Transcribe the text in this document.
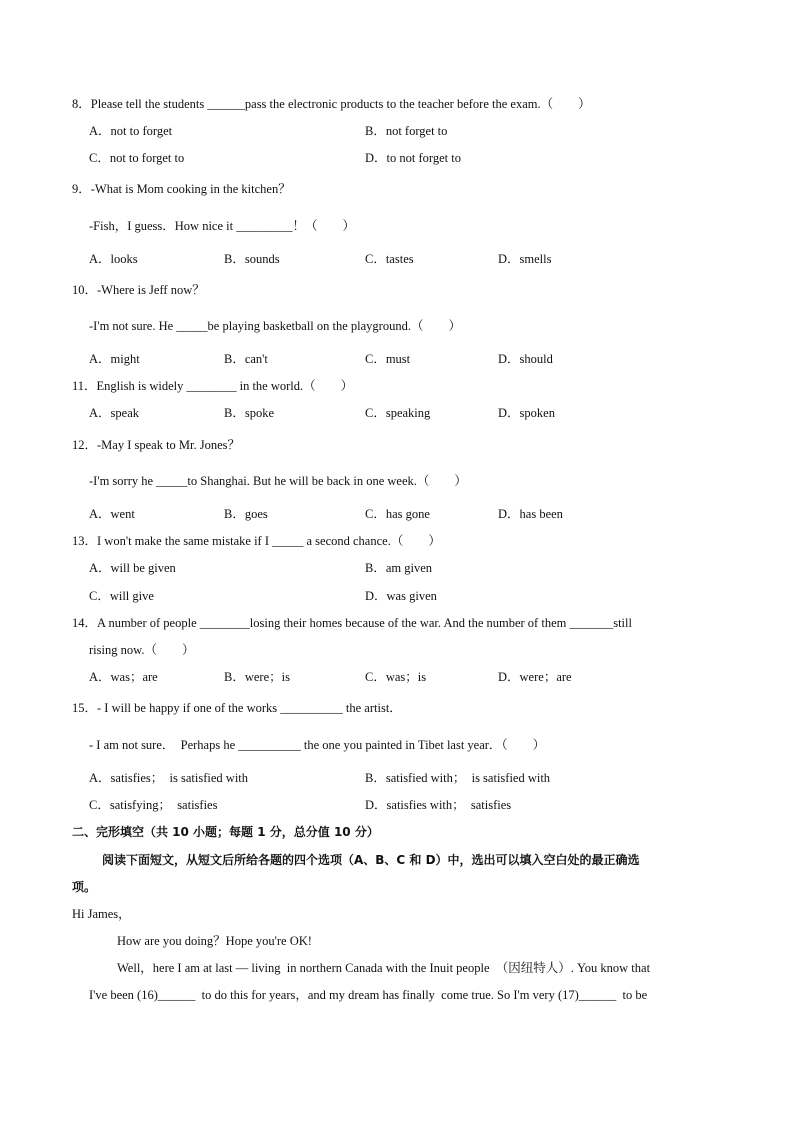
8．Please tell the students ______pass the electronic products to the teacher before the exam.（　　）
A．not to forget	B．not forget to
C．not to forget to	D．to not forget to
9．-What is Mom cooking in the kitchen？
-Fish，I guess．How nice it _________！（　　）
A．looks	B．sounds	C．tastes	D．smells
10．-Where is Jeff now？
-I'm not sure. He _____be playing basketball on the playground.（　　）
A．might	B．can't	C．must	D．should
11．English is widely ________ in the world.（　　）
A．speak	B．spoke	C．speaking	D．spoken
12．-May I speak to Mr. Jones？
-I'm sorry he _____to Shanghai. But he will be back in one week.（　　）
A．went	B．goes	C．has gone	D．has been
13．I won't make the same mistake if I _____ a second chance.（　　）
A．will be given	B．am given
C．will give	D．was given
14．A number of people ________losing their homes because of the war. And the number of them _______still
rising now.（　　）
A．was；are	B．were；is	C．was；is	D．were；are
15．- I will be happy if one of the works __________ the artist．
- I am not sure．  Perhaps he __________ the one you painted in Tibet last year．（　　）
A．satisfies；  is satisfied with	B．satisfied with；  is satisfied with
C．satisfying；  satisfies	D．satisfies with；  satisfies
二、完形填空（共 10 小题；每题 1 分，总分值 10 分）
阅读下面短文，从短文后所给各题的四个选项（A、B、C 和 D）中，选出可以填入空白处的最正确选
项。
Hi James，
How are you doing？Hope you're OK!
Well，here I am at last — living  in northern Canada with the Inuit people  （因纽特人）. You know that
I've been (16)______  to do this for years，and my dream has finally  come true. So I'm very (17)______  to be
